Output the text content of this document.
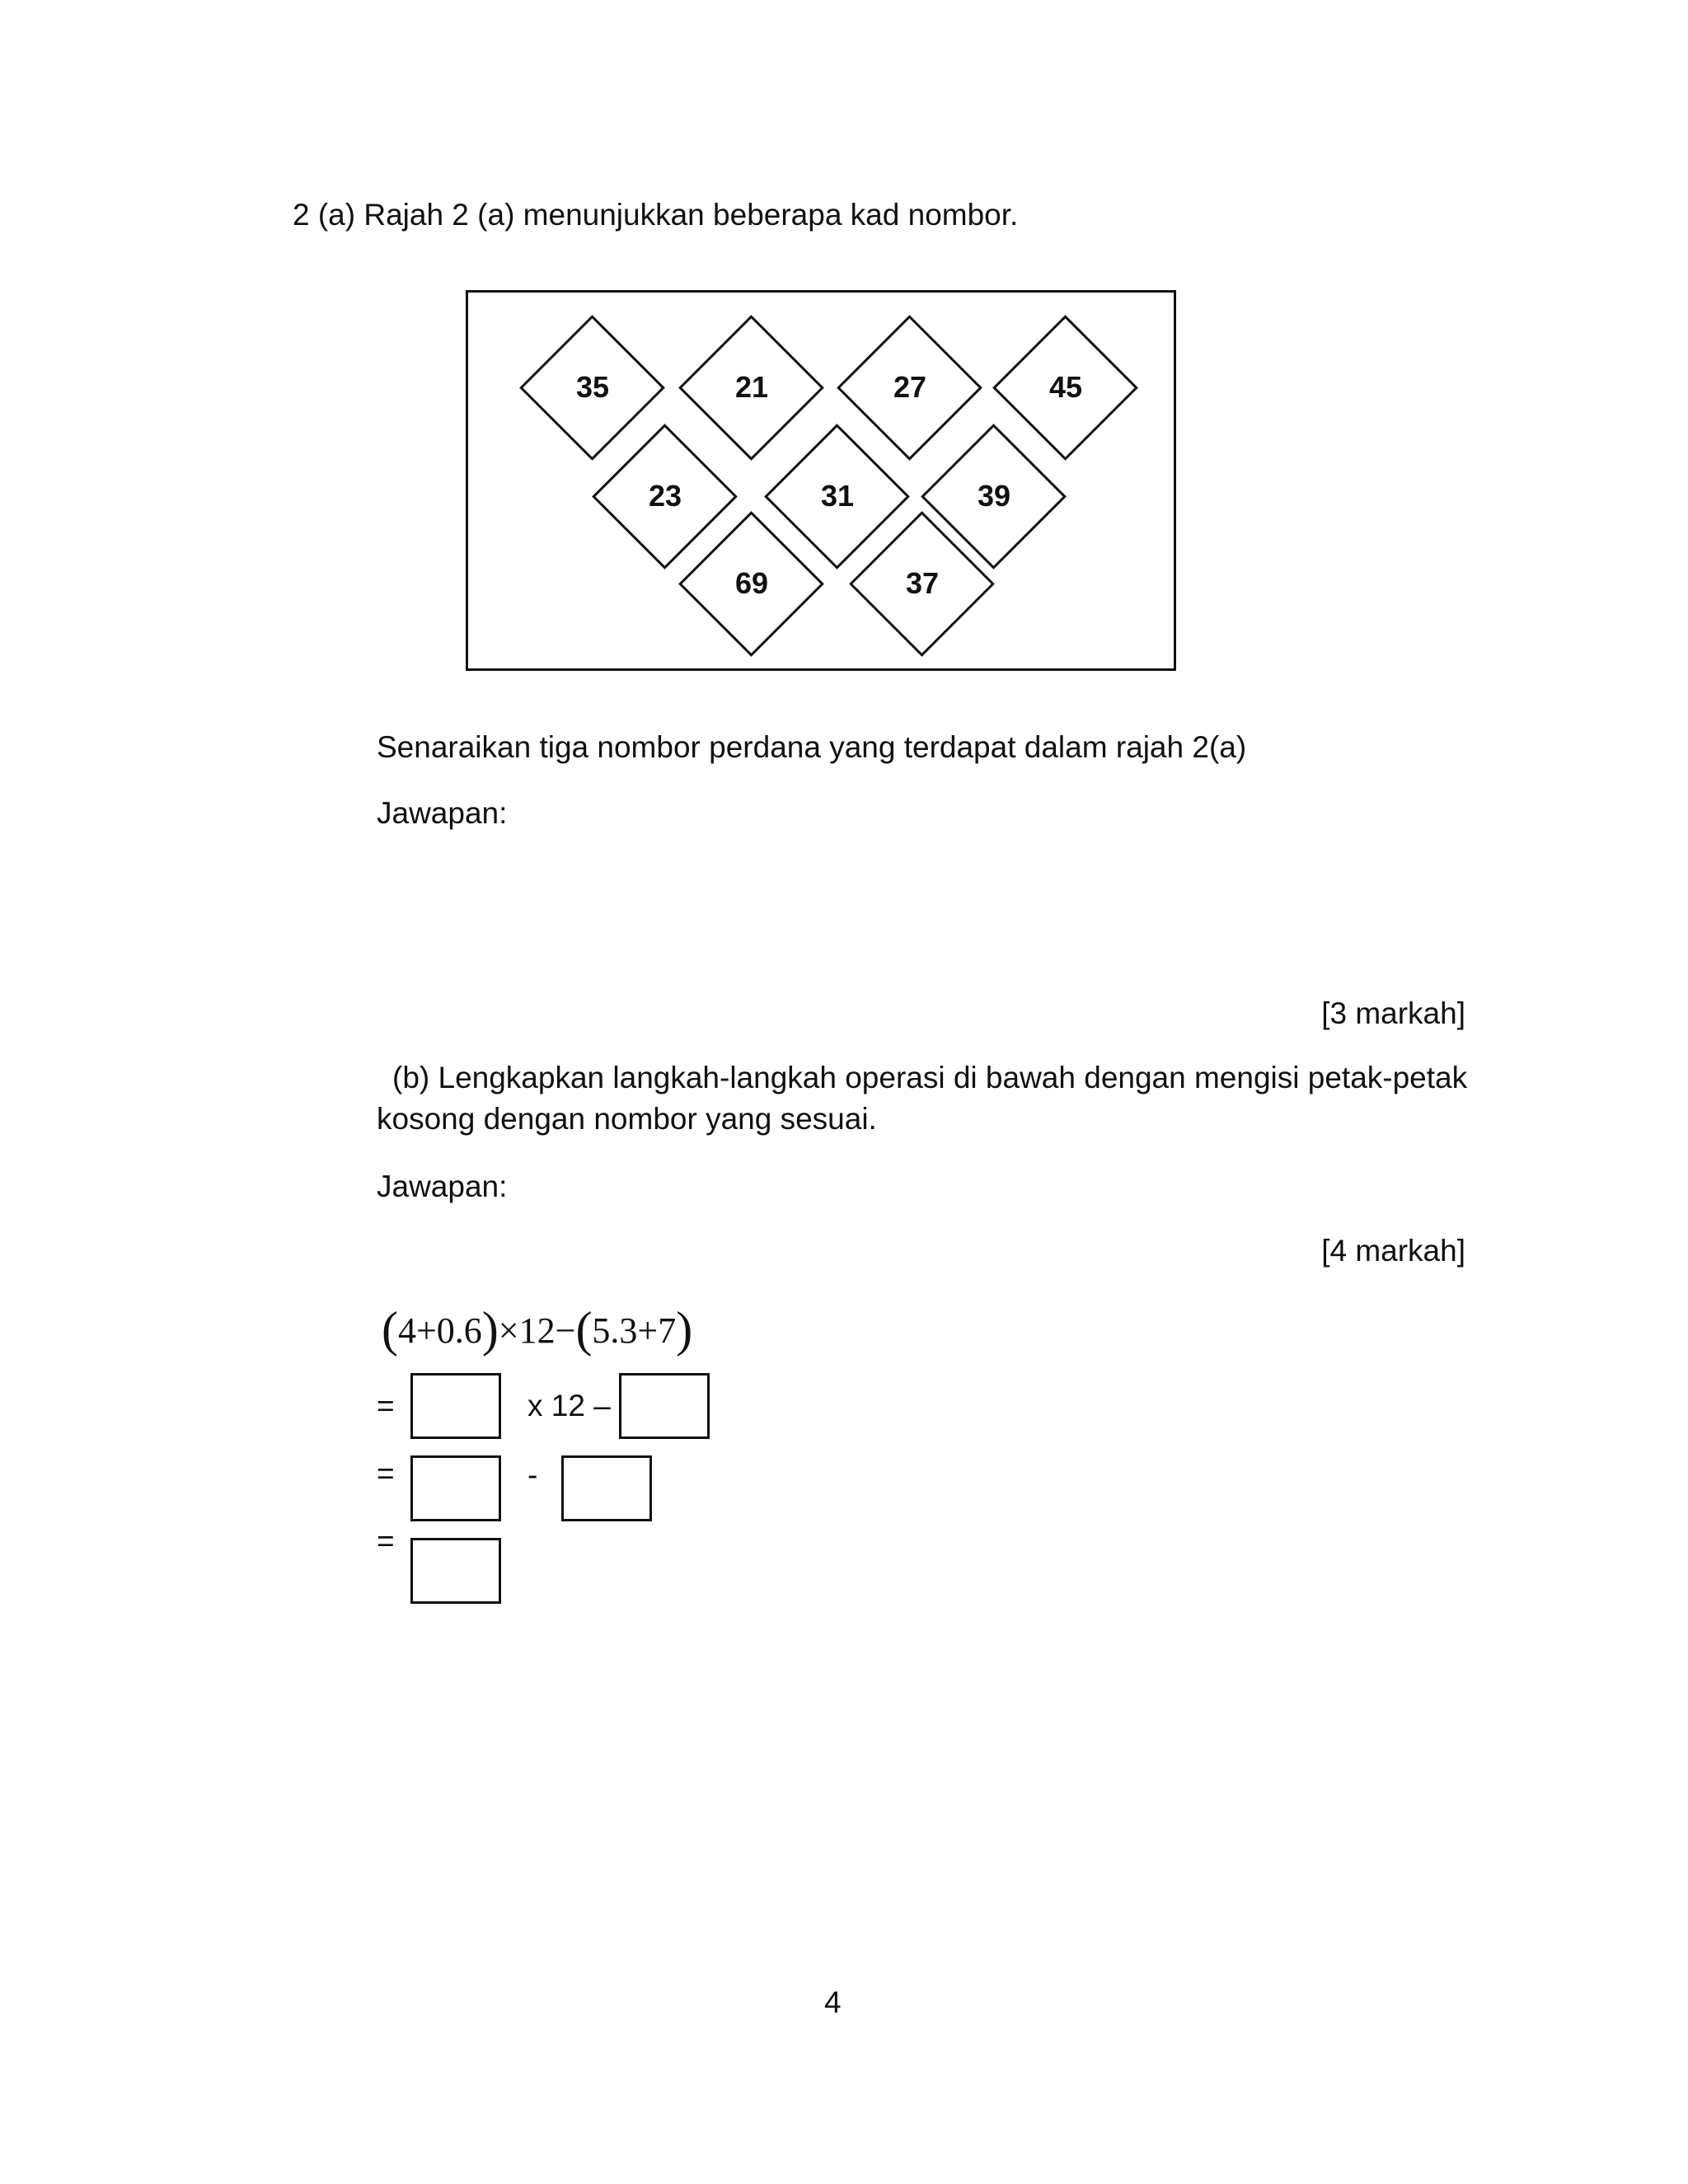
2 (a) Rajah 2 (a) menunjukkan beberapa kad nombor.
35	21	27	45
23	31	39
69	37
Senaraikan tiga nombor perdana yang terdapat dalam rajah 2(a)
Jawapan:
[3 markah]
(b) Lengkapkan langkah-langkah operasi di bawah dengan mengisi petak-petak
kosong dengan nombor yang sesuai.
Jawapan:
[4 markah]
(4+0.6)×12−(5.3+7)
=	x 12 –
=	-
=
4
